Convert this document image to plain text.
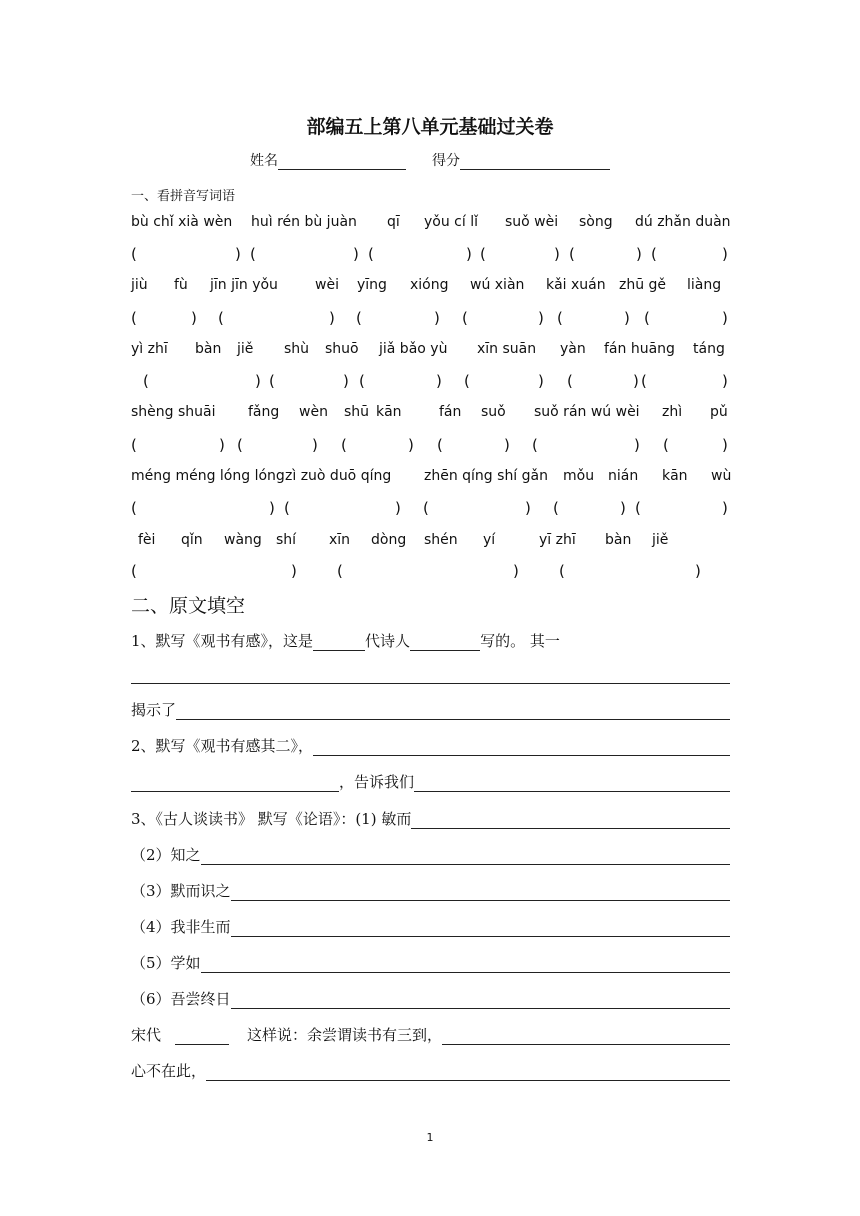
部编五上第八单元基础过关卷
姓名	得分
一、看拼音写词语
bù chǐ xià wèn huì rén bù juàn qī yǒu cí lǐ suǒ wèi sòng dú zhǎn duàn
(	) (	) (	) (	) (	) (	)
jiù fù jīn jīn yǒu	wèi yīng xióng wú xiàn kǎi xuán zhū gě liàng
(	) (	) (	) (	) (	) (	)
yì zhī bàn jiě shù shuō jiǎ bǎo yù xīn suān yàn fán huāng táng
(	) (	) (	) (	) (	) (	)
shèng shuāi fǎng wèn shū kān	fán suǒ suǒ rán wú wèi zhì pǔ
(	) (	) (	) (	) (	) (	)
méng méng lóng lóng zì zuò duō qíng zhēn qíng shí gǎn mǒu nián kān wù
(	) (	) (	) (	) (	)
fèi qǐn wàng shí xīn dòng shén yí	yī zhī bàn jiě
(	)	(	)	(	)
二、原文填空
1、默写《观书有感》，这是	代诗人	写的。 其一
揭示了
2、默写《观书有感其二》，
，告诉我们
3、《古人谈读书》 默写《论语》：(1) 敏而
（2）知之
（3）默而识之
（4）我非生而
（5）学如
（6）吾尝终日
宋代	这样说：余尝谓读书有三到，
心不在此，
1
